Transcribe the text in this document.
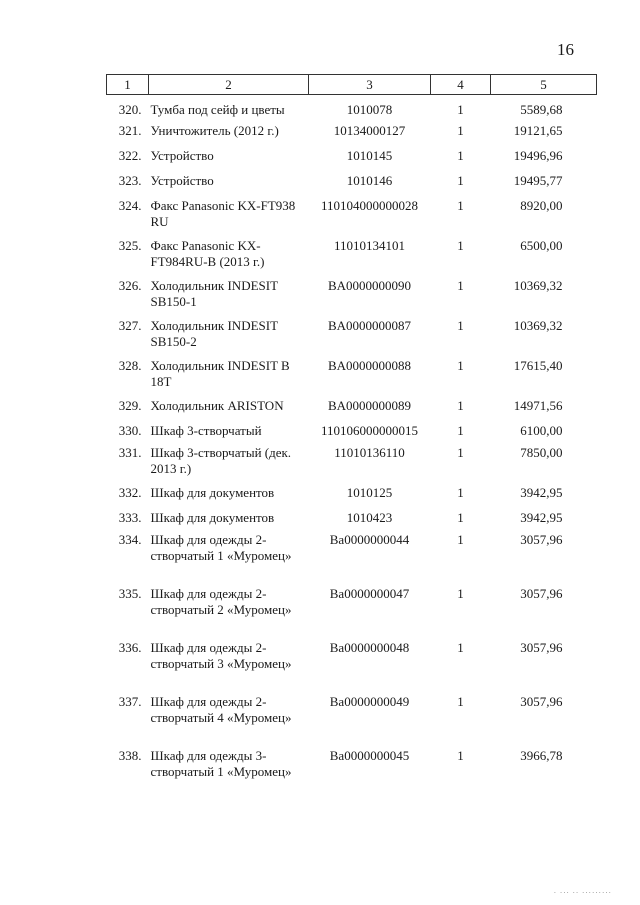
16
1	2	3	4	5
320.	Тумба под сейф и цветы	1010078	1	5589,68
321.	Уничтожитель (2012 г.)	10134000127	1	19121,65
322.	Устройство	1010145	1	19496,96
323.	Устройство	1010146	1	19495,77
324.	Факс Panasonic KX-FT938 RU	110104000000028	1	8920,00
325.	Факс Panasonic KX-FT984RU-B (2013 г.)	11010134101	1	6500,00
326.	Холодильник INDESIT SB150-1	BA0000000090	1	10369,32
327.	Холодильник INDESIT SB150-2	BA0000000087	1	10369,32
328.	Холодильник INDESIT B 18T	BA0000000088	1	17615,40
329.	Холодильник ARISTON	BA0000000089	1	14971,56
330.	Шкаф 3-створчатый	110106000000015	1	6100,00
331.	Шкаф 3-створчатый (дек. 2013 г.)	11010136110	1	7850,00
332.	Шкаф для документов	1010125	1	3942,95
333.	Шкаф для документов	1010423	1	3942,95
334.	Шкаф для одежды 2-створчатый 1 «Муромец»	Ba0000000044	1	3057,96
335.	Шкаф для одежды 2- створчатый 2 «Муромец»	Ba0000000047	1	3057,96
336.	Шкаф для одежды 2-створчатый 3 «Муромец»	Ba0000000048	1	3057,96
337.	Шкаф для одежды 2-створчатый 4 «Муромец»	Ba0000000049	1	3057,96
338.	Шкаф для одежды 3-створчатый 1 «Муромец»	Ba0000000045	1	3966,78
· ··· ·· ·········
